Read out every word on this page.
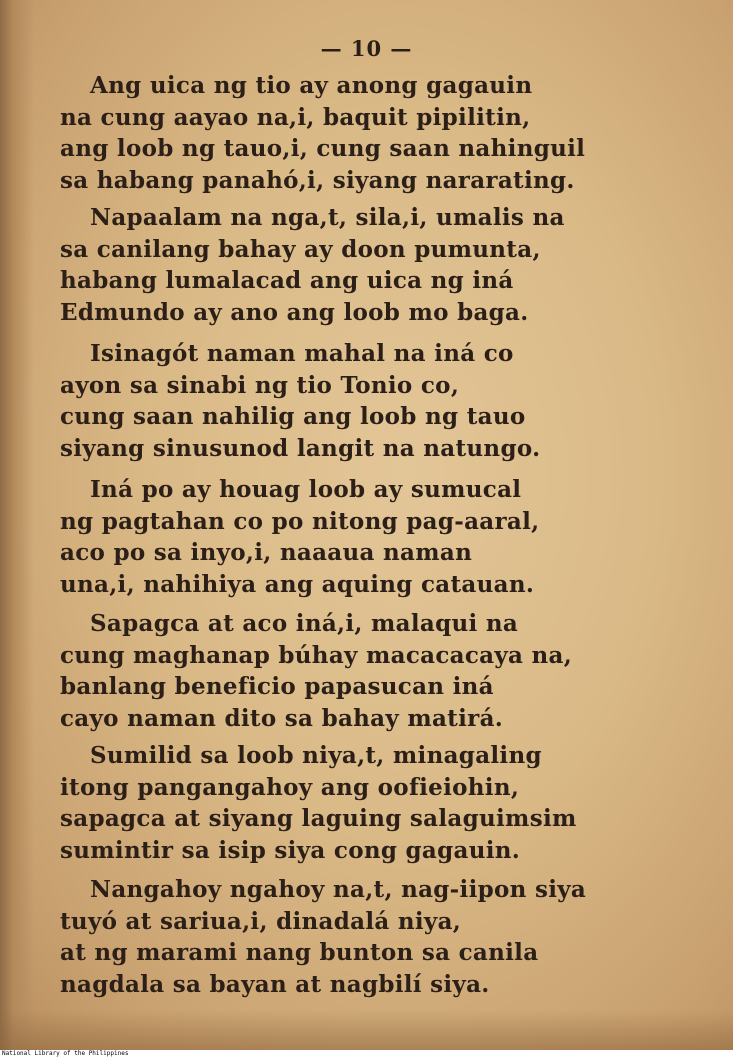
— 10 —
Ang uica ng tio ay anong gagauin
na cung aayao na,i, baquit pipilitin,
ang loob ng tauo,i, cung saan nahinguil
sa habang panahó,i, siyang nararating.
Napaalam na nga,t, sila,i, umalis na
sa canilang bahay ay doon pumunta,
habang lumalacad ang uica ng iná
Edmundo ay ano ang loob mo baga.
Isinagót naman mahal na iná co
ayon sa sinabi ng tio Tonio co,
cung saan nahilig ang loob ng tauo
siyang sinusunod langit na natungo.
Iná po ay houag loob ay sumucal
ng pagtahan co po nitong pag-aaral,
aco po sa inyo,i, naaaua naman
una,i, nahihiya ang aquing catauan.
Sapagca at aco iná,i, malaqui na
cung maghanap búhay macacacaya na,
banlang beneficio papasucan iná
cayo naman dito sa bahay matirá.
Sumilid sa loob niya,t, minagaling
itong pangangahoy ang oofieiohin,
sapagca at siyang laguing salaguimsim
sumintir sa isip siya cong gagauin.
Nangahoy ngahoy na,t, nag-iipon siya
tuyó at sariua,i, dinadalá niya,
at ng marami nang bunton sa canila
nagdala sa bayan at nagbilí siya.
National Library of the Philippines
